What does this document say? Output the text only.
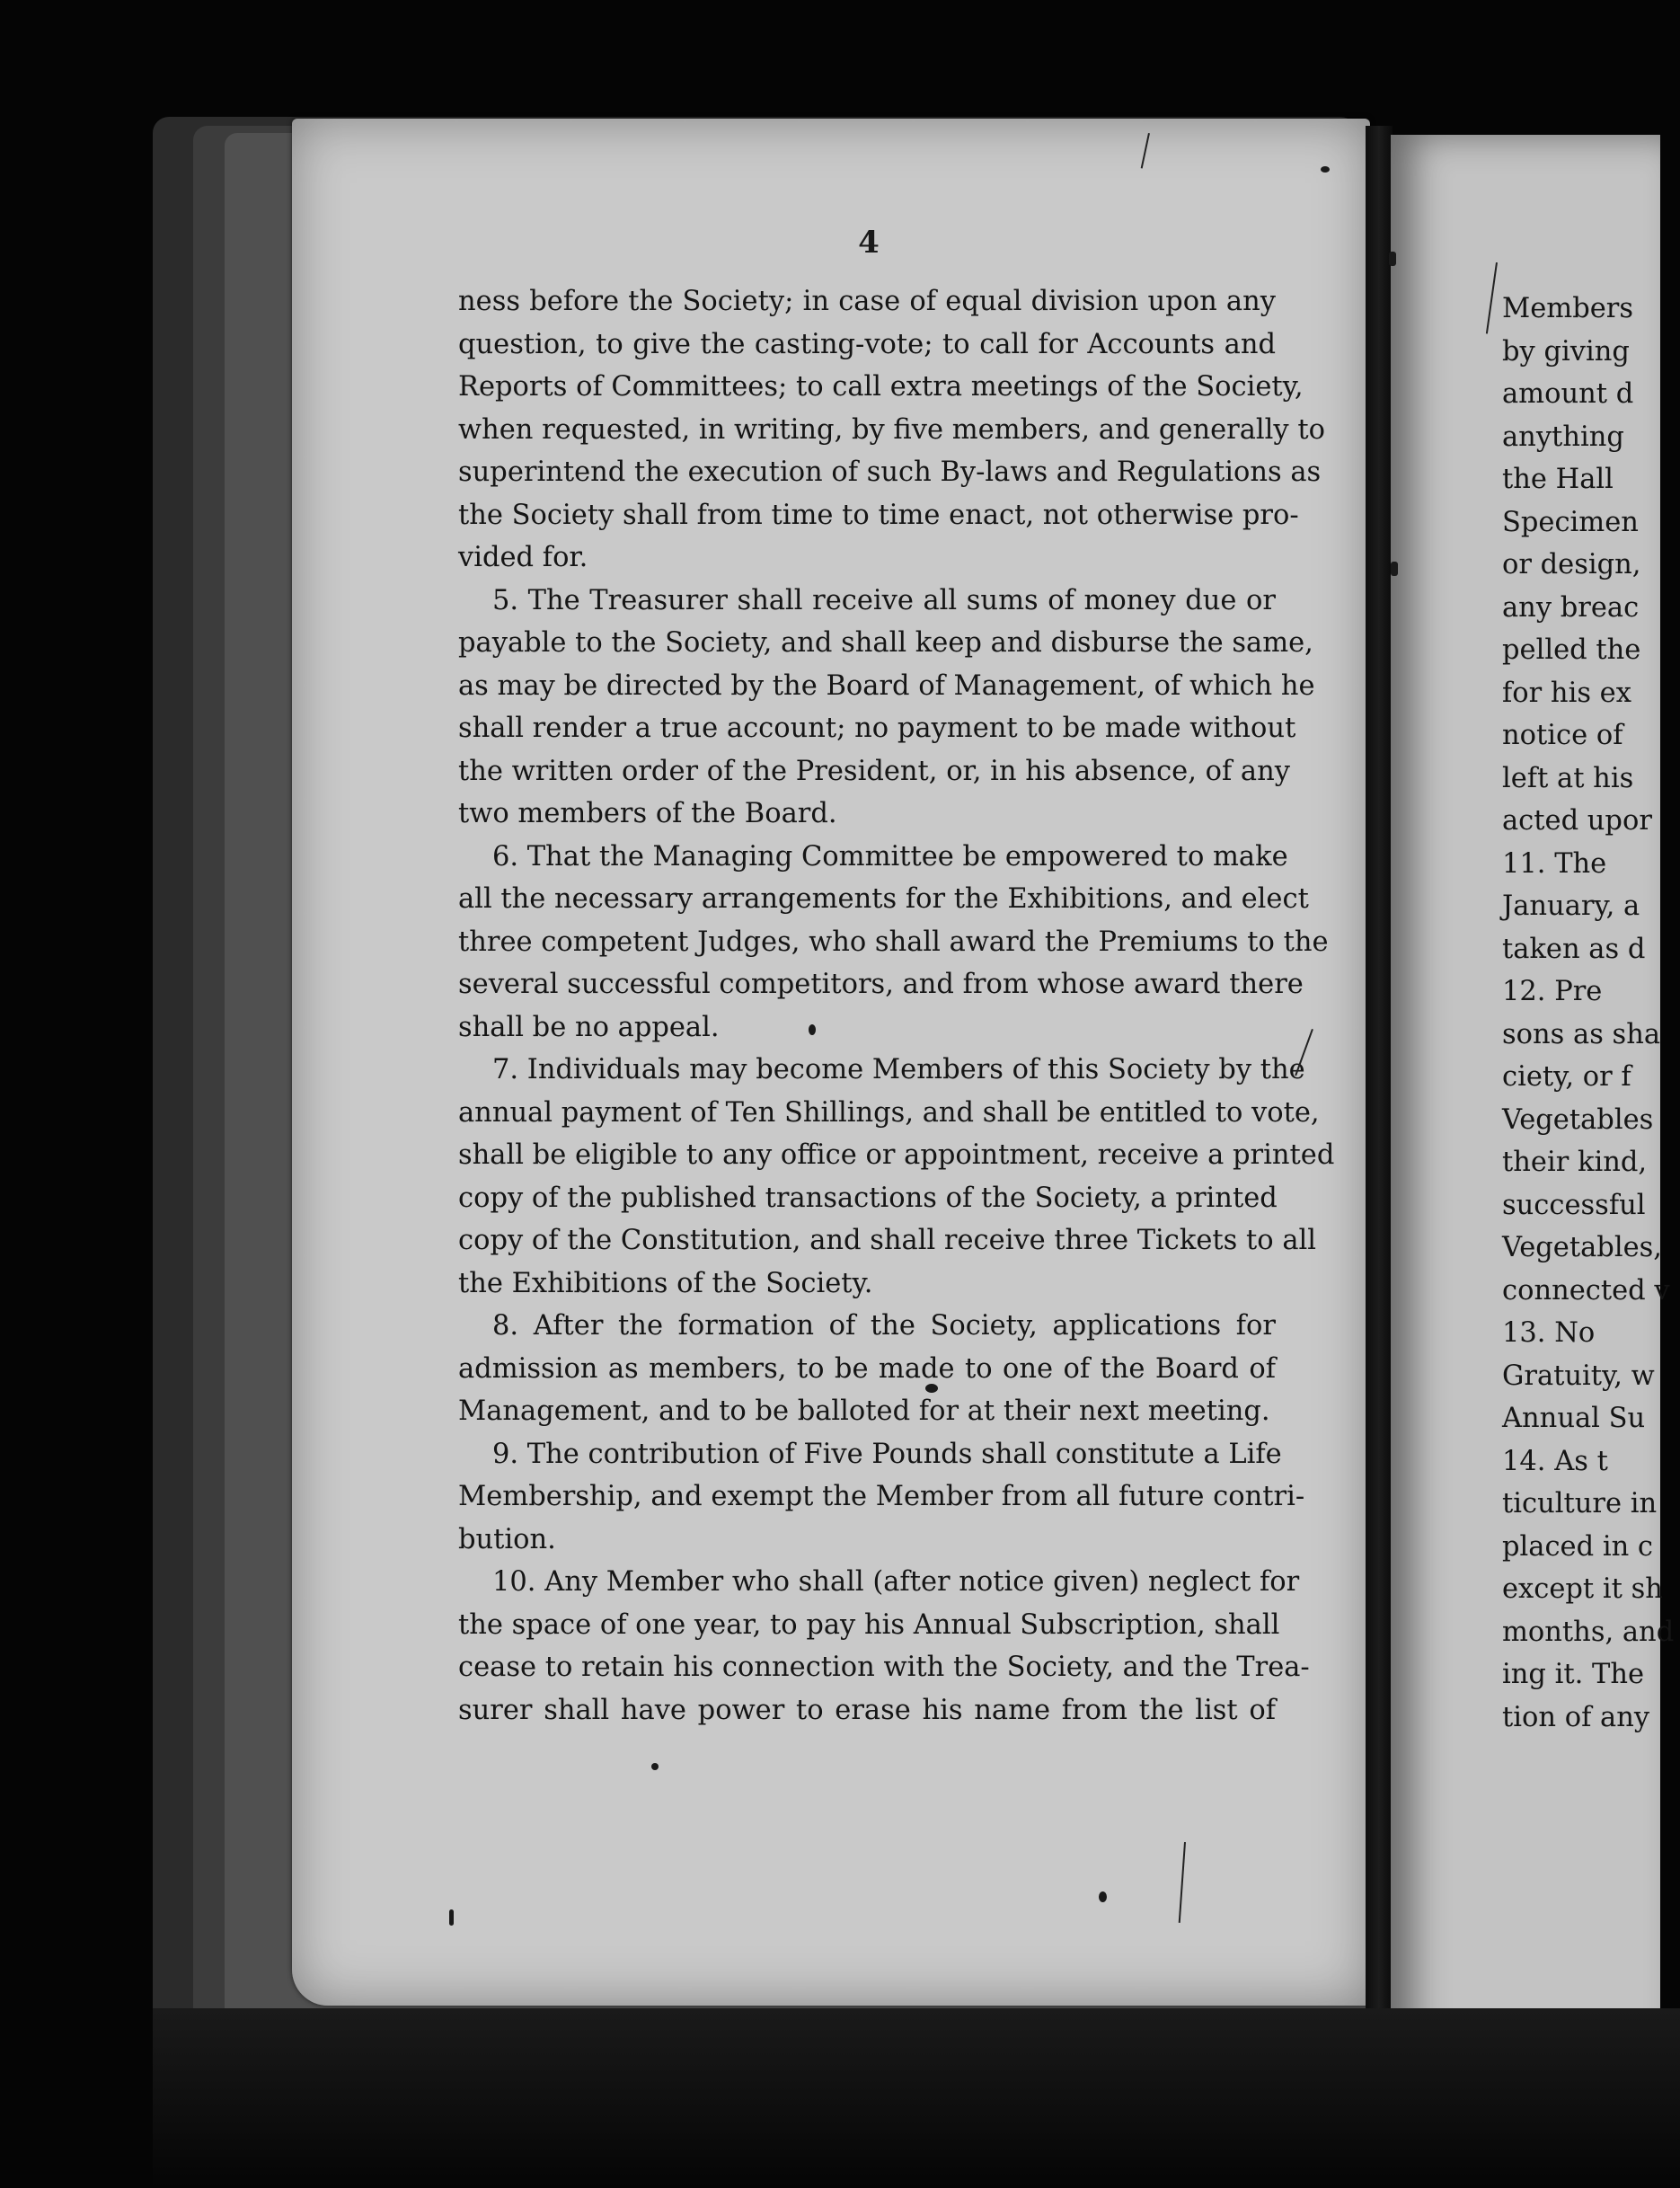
4
ness before the Society; in case of equal division upon any
question, to give the casting-vote; to call for Accounts and
Reports of Committees; to call extra meetings of the Society,
when requested, in writing, by five members, and generally to
superintend the execution of such By-laws and Regulations as
the Society shall from time to time enact, not otherwise pro-
vided for.
5. The Treasurer shall receive all sums of money due or
payable to the Society, and shall keep and disburse the same,
as may be directed by the Board of Management, of which he
shall render a true account; no payment to be made without
the written order of the President, or, in his absence, of any
two members of the Board.
6. That the Managing Committee be empowered to make
all the necessary arrangements for the Exhibitions, and elect
three competent Judges, who shall award the Premiums to the
several successful competitors, and from whose award there
shall be no appeal.
7. Individuals may become Members of this Society by the
annual payment of Ten Shillings, and shall be entitled to vote,
shall be eligible to any office or appointment, receive a printed
copy of the published transactions of the Society, a printed
copy of the Constitution, and shall receive three Tickets to all
the Exhibitions of the Society.
8. After the formation of the Society, applications for
admission as members, to be made to one of the Board of
Management, and to be balloted for at their next meeting.
9. The contribution of Five Pounds shall constitute a Life
Membership, and exempt the Member from all future contri-
bution.
10. Any Member who shall (after notice given) neglect for
the space of one year, to pay his Annual Subscription, shall
cease to retain his connection with the Society, and the Trea-
surer shall have power to erase his name from the list of
Members
by giving
amount d
anything
the Hall
Specimen
or design,
any breac
pelled the
for his ex
notice of
left at his
acted upor
11. The
January, a
taken as d
12. Pre
sons as sha
ciety, or f
Vegetables
their kind,
successful
Vegetables,
connected v
13. No
Gratuity, w
Annual Su
14. As t
ticulture in
placed in c
except it sh
months, and
ing it. The
tion of any
